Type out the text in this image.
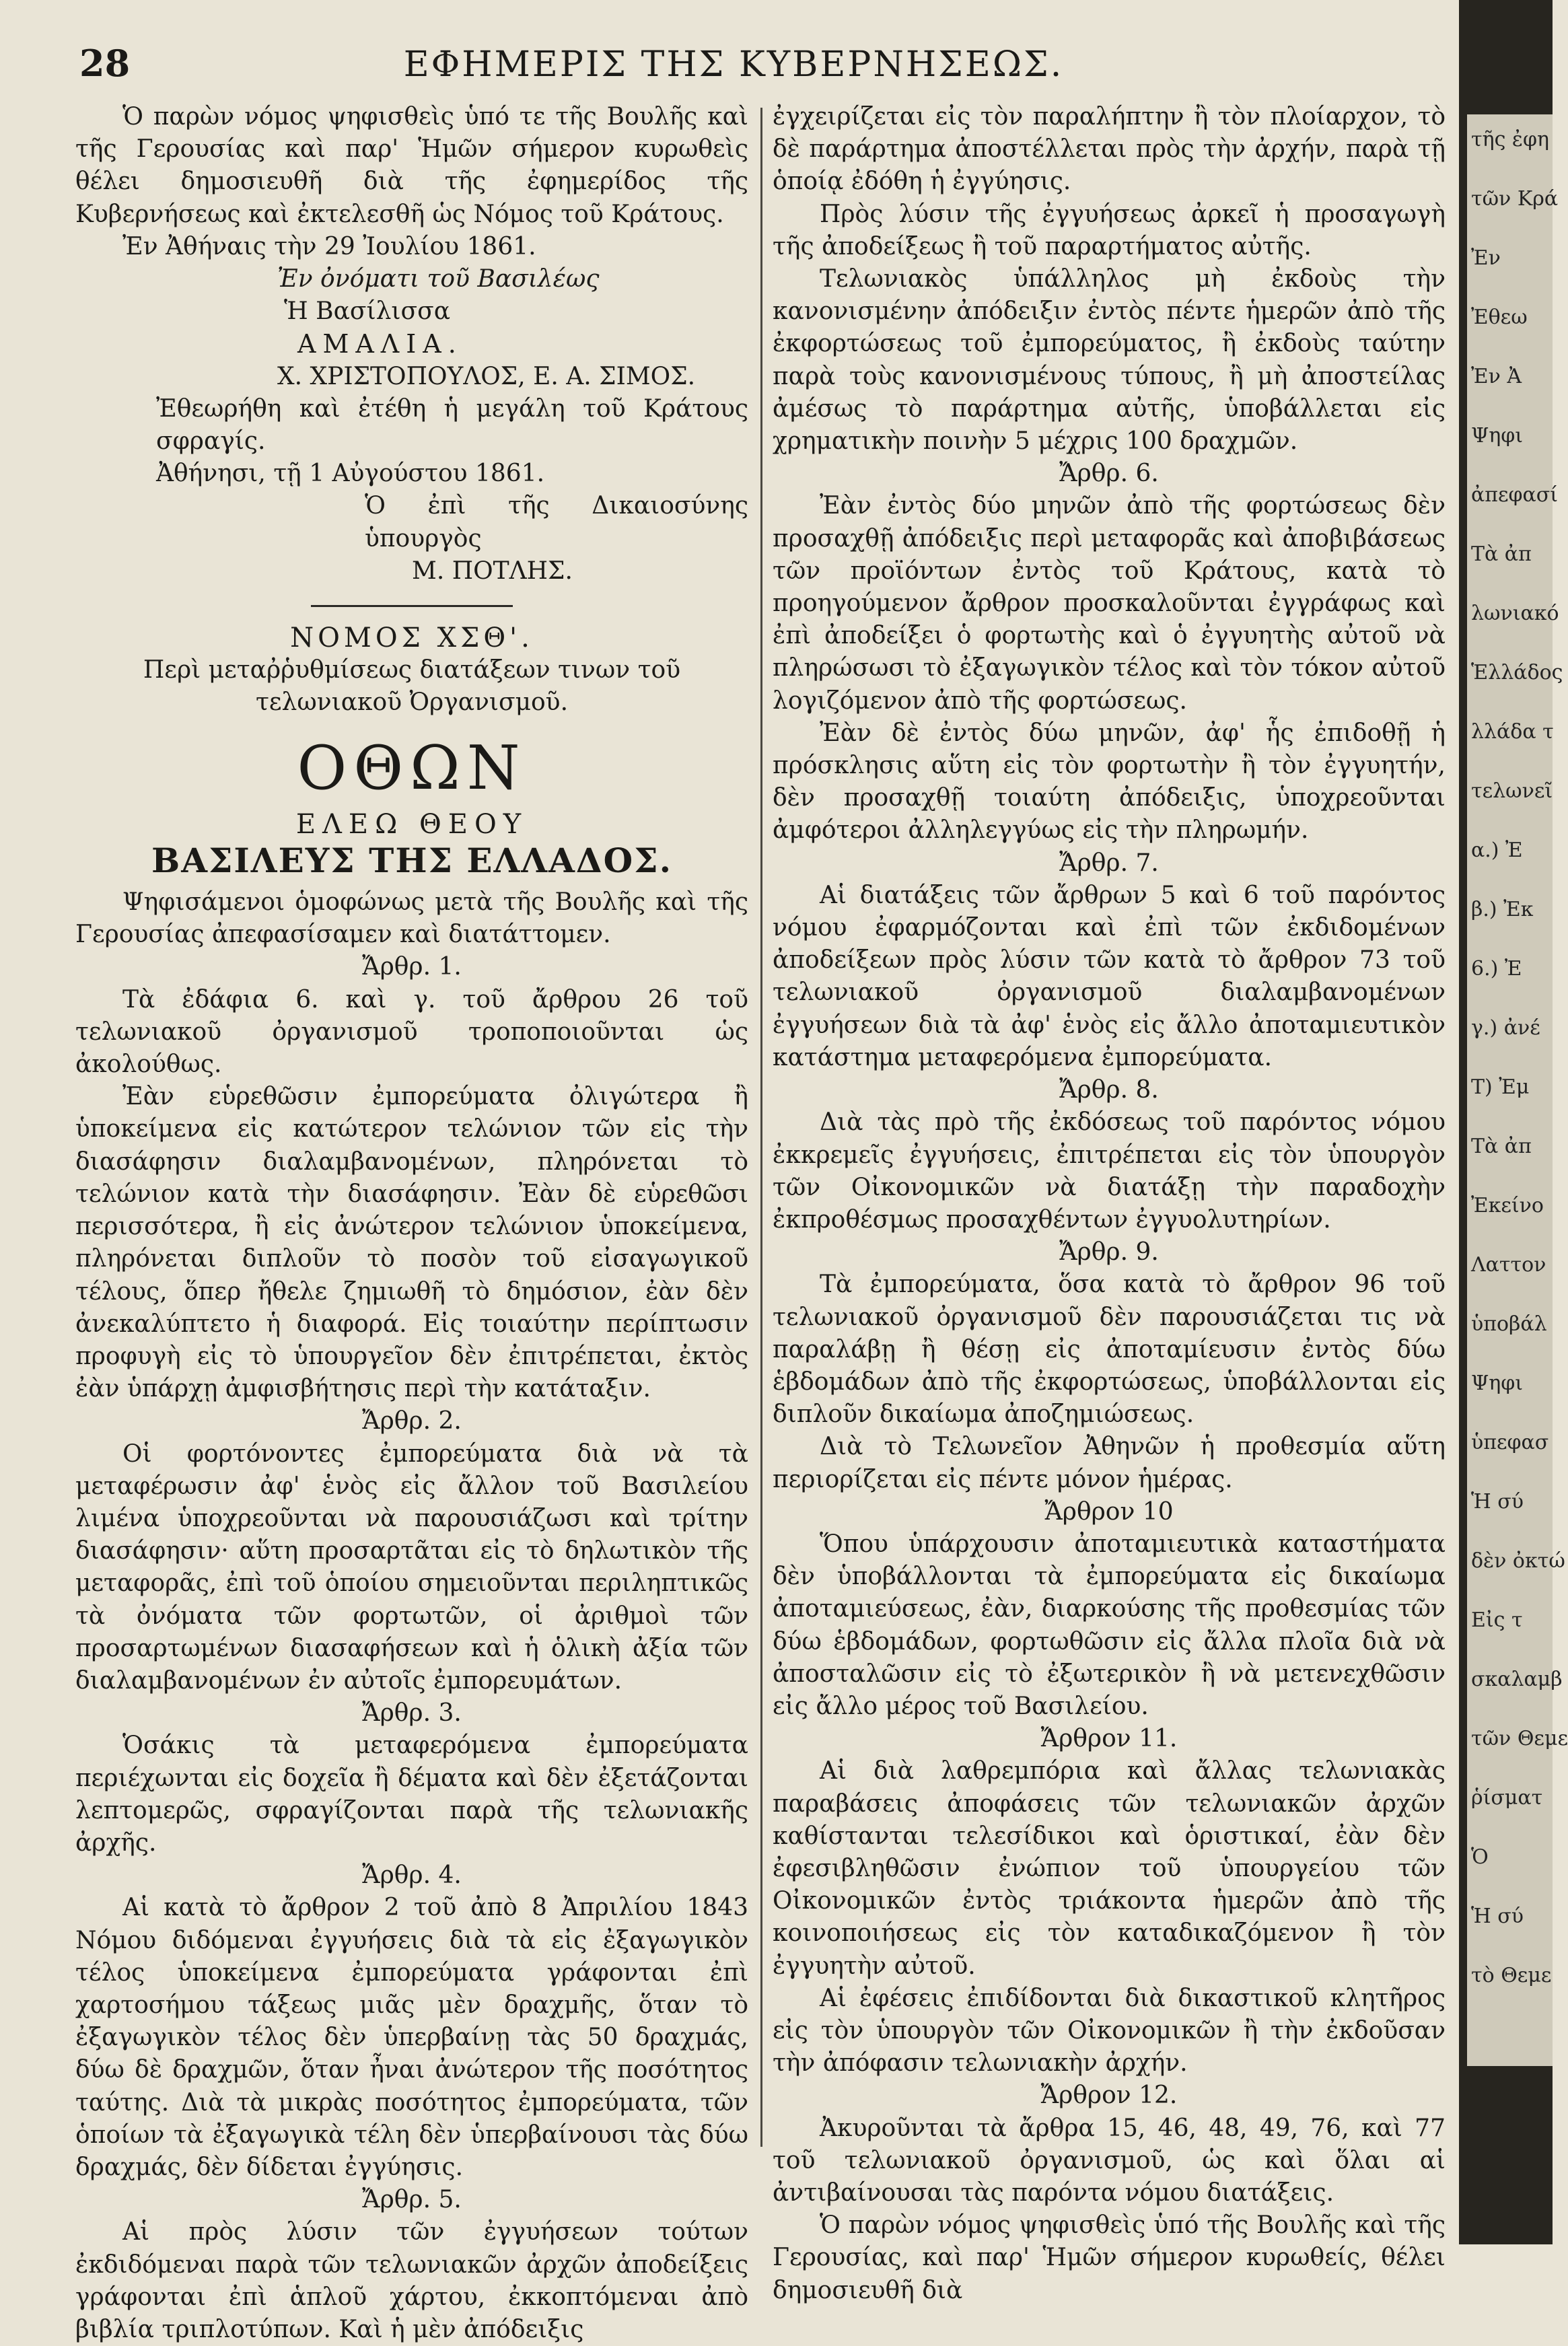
28	ΕΦΗΜΕΡΙΣ ΤΗΣ ΚΥΒΕΡΝΗΣΕΩΣ.

Ὁ παρὼν νόμος ψηφισθεὶς ὑπό τε τῆς Βουλῆς καὶ τῆς Γερουσίας καὶ παρ' Ἡμῶν σήμερον κυρωθεὶς θέλει δημοσιευθῆ διὰ τῆς ἐφημερίδος τῆς Κυβερνήσεως καὶ ἐκτελεσθῆ ὡς Νόμος τοῦ Κράτους.

Ἐν Ἀθήναις τὴν 29 Ἰουλίου 1861.

Ἐν ὀνόματι τοῦ Βασιλέως

Ἡ Βασίλισσα

ΑΜΑΛΙΑ.

Χ. ΧΡΙΣΤΟΠΟΥΛΟΣ, Ε. Α. ΣΙΜΟΣ.

Ἐθεωρήθη καὶ ἐτέθη ἡ μεγάλη τοῦ Κράτους σφραγίς.

Ἀθήνησι, τῇ 1 Αὐγούστου 1861.

Ὁ ἐπὶ τῆς Δικαιοσύνης ὑπουργὸς

Μ. ΠΟΤΛΗΣ.

ΝΟΜΟΣ ΧΣΘ'.

Περὶ μεταῤῥυθμίσεως διατάξεων τινων τοῦ τελωνιακοῦ Ὀργανισμοῦ.

ΟΘΩΝ

ΕΛΕΩ ΘΕΟΥ

ΒΑΣΙΛΕΥΣ ΤΗΣ ΕΛΛΑΔΟΣ.

Ψηφισάμενοι ὁμοφώνως μετὰ τῆς Βουλῆς καὶ τῆς Γερουσίας ἀπεφασίσαμεν καὶ διατάττομεν.

Ἄρθρ. 1.

Τὰ ἐδάφια 6. καὶ γ. τοῦ ἄρθρου 26 τοῦ τελωνιακοῦ ὀργανισμοῦ τροποποιοῦνται ὡς ἀκολούθως.

Ἐὰν εὑρεθῶσιν ἐμπορεύματα ὀλιγώτερα ἢ ὑποκείμενα εἰς κατώτερον τελώνιον τῶν εἰς τὴν διασάφησιν διαλαμβανομένων, πληρόνεται τὸ τελώνιον κατὰ τὴν διασάφησιν. Ἐὰν δὲ εὑρεθῶσι περισσότερα, ἢ εἰς ἀνώτερον τελώνιον ὑποκείμενα, πληρόνεται διπλοῦν τὸ ποσὸν τοῦ εἰσαγωγικοῦ τέλους, ὅπερ ἤθελε ζημιωθῆ τὸ δημόσιον, ἐὰν δὲν ἀνεκαλύπτετο ἡ διαφορά. Εἰς τοιαύτην περίπτωσιν προφυγὴ εἰς τὸ ὑπουργεῖον δὲν ἐπιτρέπεται, ἐκτὸς ἐὰν ὑπάρχῃ ἀμφισβήτησις περὶ τὴν κατάταξιν.

Ἄρθρ. 2.

Οἱ φορτόνοντες ἐμπορεύματα διὰ νὰ τὰ μεταφέρωσιν ἀφ' ἑνὸς εἰς ἄλλον τοῦ Βασιλείου λιμένα ὑποχρεοῦνται νὰ παρουσιάζωσι καὶ τρίτην διασάφησιν· αὕτη προσαρτᾶται εἰς τὸ δηλωτικὸν τῆς μεταφορᾶς, ἐπὶ τοῦ ὁποίου σημειοῦνται περιληπτικῶς τὰ ὀνόματα τῶν φορτωτῶν, οἱ ἀριθμοὶ τῶν προσαρτωμένων διασαφήσεων καὶ ἡ ὁλικὴ ἀξία τῶν διαλαμβανομένων ἐν αὐτοῖς ἐμπορευμάτων.

Ἄρθρ. 3.

Ὁσάκις τὰ μεταφερόμενα ἐμπορεύματα περιέχωνται εἰς δοχεῖα ἢ δέματα καὶ δὲν ἐξετάζονται λεπτομερῶς, σφραγίζονται παρὰ τῆς τελωνιακῆς ἀρχῆς.

Ἄρθρ. 4.

Αἱ κατὰ τὸ ἄρθρον 2 τοῦ ἀπὸ 8 Ἀπριλίου 1843 Νόμου διδόμεναι ἐγγυήσεις διὰ τὰ εἰς ἐξαγωγικὸν τέλος ὑποκείμενα ἐμπορεύματα γράφονται ἐπὶ χαρτοσήμου τάξεως μιᾶς μὲν δραχμῆς, ὅταν τὸ ἐξαγωγικὸν τέλος δὲν ὑπερβαίνῃ τὰς 50 δραχμάς, δύω δὲ δραχμῶν, ὅταν ἦναι ἀνώτερον τῆς ποσότητος ταύτης. Διὰ τὰ μικρὰς ποσότητος ἐμπορεύματα, τῶν ὁποίων τὰ ἐξαγωγικὰ τέλη δὲν ὑπερβαίνουσι τὰς δύω δραχμάς, δὲν δίδεται ἐγγύησις.

Ἄρθρ. 5.

Αἱ πρὸς λύσιν τῶν ἐγγυήσεων τούτων ἐκδιδόμεναι παρὰ τῶν τελωνιακῶν ἀρχῶν ἀποδείξεις γράφονται ἐπὶ ἁπλοῦ χάρτου, ἐκκοπτόμεναι ἀπὸ βιβλία τριπλοτύπων. Καὶ ἡ μὲν ἀπόδειξις

ἐγχειρίζεται εἰς τὸν παραλήπτην ἢ τὸν πλοίαρχον, τὸ δὲ παράρτημα ἀποστέλλεται πρὸς τὴν ἀρχήν, παρὰ τῇ ὁποίᾳ ἐδόθη ἡ ἐγγύησις.

Πρὸς λύσιν τῆς ἐγγυήσεως ἀρκεῖ ἡ προσαγωγὴ τῆς ἀποδείξεως ἢ τοῦ παραρτήματος αὐτῆς.

Τελωνιακὸς ὑπάλληλος μὴ ἐκδοὺς τὴν κανονισμένην ἀπόδειξιν ἐντὸς πέντε ἡμερῶν ἀπὸ τῆς ἐκφορτώσεως τοῦ ἐμπορεύματος, ἢ ἐκδοὺς ταύτην παρὰ τοὺς κανονισμένους τύπους, ἢ μὴ ἀποστείλας ἀμέσως τὸ παράρτημα αὐτῆς, ὑποβάλλεται εἰς χρηματικὴν ποινὴν 5 μέχρις 100 δραχμῶν.

Ἄρθρ. 6.

Ἐὰν ἐντὸς δύο μηνῶν ἀπὸ τῆς φορτώσεως δὲν προσαχθῇ ἀπόδειξις περὶ μεταφορᾶς καὶ ἀποβιβάσεως τῶν προϊόντων ἐντὸς τοῦ Κράτους, κατὰ τὸ προηγούμενον ἄρθρον προσκαλοῦνται ἐγγράφως καὶ ἐπὶ ἀποδείξει ὁ φορτωτὴς καὶ ὁ ἐγγυητὴς αὐτοῦ νὰ πληρώσωσι τὸ ἐξαγωγικὸν τέλος καὶ τὸν τόκον αὐτοῦ λογιζόμενον ἀπὸ τῆς φορτώσεως.

Ἐὰν δὲ ἐντὸς δύω μηνῶν, ἀφ' ἧς ἐπιδοθῇ ἡ πρόσκλησις αὕτη εἰς τὸν φορτωτὴν ἢ τὸν ἐγγυητήν, δὲν προσαχθῇ τοιαύτη ἀπόδειξις, ὑποχρεοῦνται ἀμφότεροι ἀλληλεγγύως εἰς τὴν πληρωμήν.

Ἄρθρ. 7.

Αἱ διατάξεις τῶν ἄρθρων 5 καὶ 6 τοῦ παρόντος νόμου ἐφαρμόζονται καὶ ἐπὶ τῶν ἐκδιδομένων ἀποδείξεων πρὸς λύσιν τῶν κατὰ τὸ ἄρθρον 73 τοῦ τελωνιακοῦ ὀργανισμοῦ διαλαμβανομένων ἐγγυήσεων διὰ τὰ ἀφ' ἑνὸς εἰς ἄλλο ἀποταμιευτικὸν κατάστημα μεταφερόμενα ἐμπορεύματα.

Ἄρθρ. 8.

Διὰ τὰς πρὸ τῆς ἐκδόσεως τοῦ παρόντος νόμου ἐκκρεμεῖς ἐγγυήσεις, ἐπιτρέπεται εἰς τὸν ὑπουργὸν τῶν Οἰκονομικῶν νὰ διατάξῃ τὴν παραδοχὴν ἐκπροθέσμως προσαχθέντων ἐγγυολυτηρίων.

Ἄρθρ. 9.

Τὰ ἐμπορεύματα, ὅσα κατὰ τὸ ἄρθρον 96 τοῦ τελωνιακοῦ ὀργανισμοῦ δὲν παρουσιάζεται τις νὰ παραλάβῃ ἢ θέσῃ εἰς ἀποταμίευσιν ἐντὸς δύω ἑβδομάδων ἀπὸ τῆς ἐκφορτώσεως, ὑποβάλλονται εἰς διπλοῦν δικαίωμα ἀποζημιώσεως.

Διὰ τὸ Τελωνεῖον Ἀθηνῶν ἡ προθεσμία αὕτη περιορίζεται εἰς πέντε μόνον ἡμέρας.

Ἄρθρον 10

Ὅπου ὑπάρχουσιν ἀποταμιευτικὰ καταστήματα δὲν ὑποβάλλονται τὰ ἐμπορεύματα εἰς δικαίωμα ἀποταμιεύσεως, ἐὰν, διαρκούσης τῆς προθεσμίας τῶν δύω ἑβδομάδων, φορτωθῶσιν εἰς ἄλλα πλοῖα διὰ νὰ ἀποσταλῶσιν εἰς τὸ ἐξωτερικὸν ἢ νὰ μετενεχθῶσιν εἰς ἄλλο μέρος τοῦ Βασιλείου.

Ἄρθρον 11.

Αἱ διὰ λαθρεμπόρια καὶ ἄλλας τελωνιακὰς παραβάσεις ἀποφάσεις τῶν τελωνιακῶν ἀρχῶν καθίστανται τελεσίδικοι καὶ ὁριστικαί, ἐὰν δὲν ἐφεσιβληθῶσιν ἐνώπιον τοῦ ὑπουργείου τῶν Οἰκονομικῶν ἐντὸς τριάκοντα ἡμερῶν ἀπὸ τῆς κοινοποιήσεως εἰς τὸν καταδικαζόμενον ἢ τὸν ἐγγυητὴν αὐτοῦ.

Αἱ ἐφέσεις ἐπιδίδονται διὰ δικαστικοῦ κλητῆρος εἰς τὸν ὑπουργὸν τῶν Οἰκονομικῶν ἢ τὴν ἐκδοῦσαν τὴν ἀπόφασιν τελωνιακὴν ἀρχήν.

Ἄρθρον 12.

Ἀκυροῦνται τὰ ἄρθρα 15, 46, 48, 49, 76, καὶ 77 τοῦ τελωνιακοῦ ὀργανισμοῦ, ὡς καὶ ὅλαι αἱ ἀντιβαίνουσαι τὰς παρόντα νόμου διατάξεις.

Ὁ παρὼν νόμος ψηφισθεὶς ὑπό τῆς Βουλῆς καὶ τῆς Γερουσίας, καὶ παρ' Ἡμῶν σήμερον κυρωθείς, θέλει δημοσιευθῆ διὰ

τῆς ἐφη
τῶν Κρά
Ἐν
Ἐθεω
Ἐν Ἀ
Ψηφι
ἀπεφασί
Τὰ ἀπ
λωνιακό
Ἑλλάδος
λλάδα τ
τελωνεῖ
α.) Ἐ
β.) Ἐκ
6.) Ἐ
γ.) ἀνέ
Τ) Ἐμ
Τὰ ἀπ
Ἐκείνο
Λαττον
ὑποβάλ
Ψηφι
ὑπεφασ
Ἡ σύ
δὲν ὀκτώ
Εἰς τ
σκαλαμβ
τῶν Θεμε
ῥίσματ
Ὁ
Ἡ σύ
τὸ Θεμε
